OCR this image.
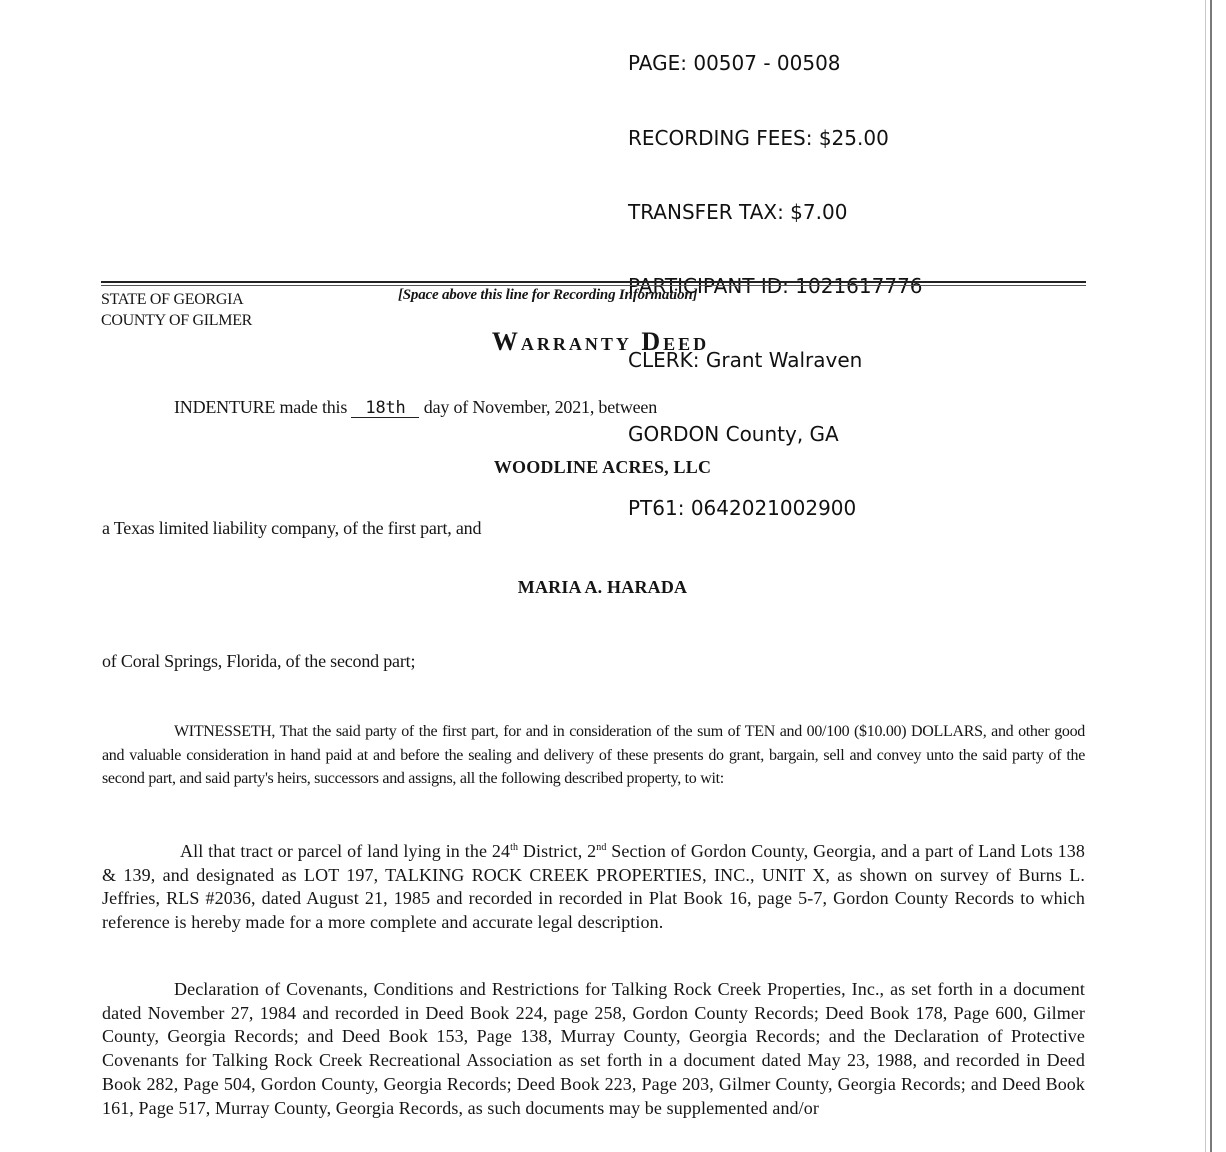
PAGE: 00507 - 00508

RECORDING FEES: $25.00

TRANSFER TAX: $7.00

CLERK: Grant Walraven

GORDON County, GA

PT61: 0642021002900

STATE OF GEORGIA
COUNTY OF GILMER
[Space above this line for Recording Information]
Warranty Deed
INDENTURE made this 18th day of November, 2021, between
WOODLINE ACRES, LLC
a Texas limited liability company, of the first part, and
MARIA A. HARADA
of Coral Springs, Florida, of the second part;
WITNESSETH, That the said party of the first part, for and in consideration of the sum of TEN and 00/100 ($10.00) DOLLARS, and other good and valuable consideration in hand paid at and before the sealing and delivery of these presents do grant, bargain, sell and convey unto the said party of the second part, and said party's heirs, successors and assigns, all the following described property, to wit:
All that tract or parcel of land lying in the 24th District, 2nd Section of Gordon County, Georgia, and a part of Land Lots 138 & 139, and designated as LOT 197, TALKING ROCK CREEK PROPERTIES, INC., UNIT X, as shown on survey of Burns L. Jeffries, RLS #2036, dated August 21, 1985 and recorded in recorded in Plat Book 16, page 5-7, Gordon County Records to which reference is hereby made for a more complete and accurate legal description.
Declaration of Covenants, Conditions and Restrictions for Talking Rock Creek Properties, Inc., as set forth in a document dated November 27, 1984 and recorded in Deed Book 224, page 258, Gordon County Records; Deed Book 178, Page 600, Gilmer County, Georgia Records; and Deed Book 153, Page 138, Murray County, Georgia Records; and the Declaration of Protective Covenants for Talking Rock Creek Recreational Association as set forth in a document dated May 23, 1988, and recorded in Deed Book 282, Page 504, Gordon County, Georgia Records; Deed Book 223, Page 203, Gilmer County, Georgia Records; and Deed Book 161, Page 517, Murray County, Georgia Records, as such documents may be supplemented and/or
